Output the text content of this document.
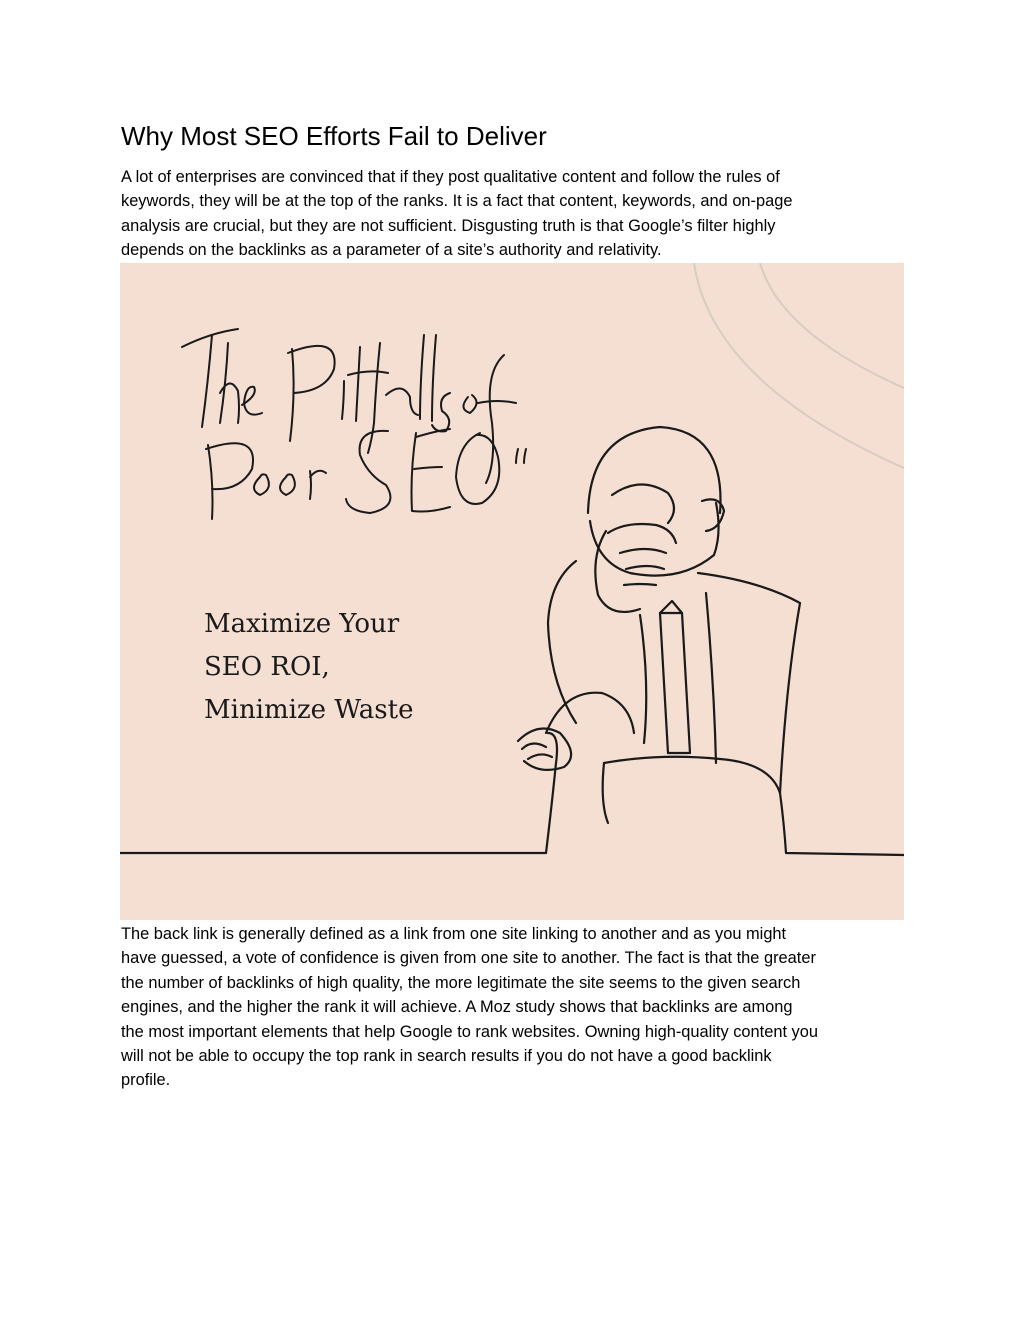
Why Most SEO Efforts Fail to Deliver

A lot of enterprises are convinced that if they post qualitative content and follow the rules of
keywords, they will be at the top of the ranks. It is a fact that content, keywords, and on-page
analysis are crucial, but they are not sufficient. Disgusting truth is that Google’s filter highly
depends on the backlinks as a parameter of a site’s authority and relativity.

Maximize Your
SEO ROI,
Minimize Waste

The back link is generally defined as a link from one site linking to another and as you might
have guessed, a vote of confidence is given from one site to another. The fact is that the greater
the number of backlinks of high quality, the more legitimate the site seems to the given search
engines, and the higher the rank it will achieve. A Moz study shows that backlinks are among
the most important elements that help Google to rank websites. Owning high-quality content you
will not be able to occupy the top rank in search results if you do not have a good backlink
profile.
